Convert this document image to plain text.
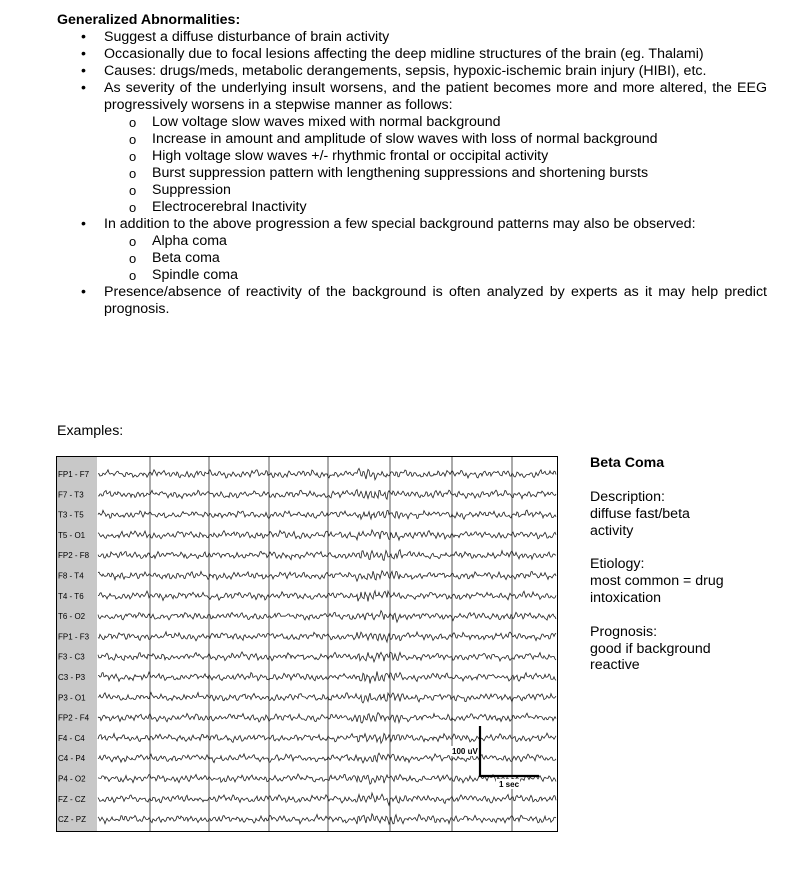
Generalized Abnormalities:
• Suggest a diffuse disturbance of brain activity
• Occasionally due to focal lesions affecting the deep midline structures of the brain (eg. Thalami)
• Causes: drugs/meds, metabolic derangements, sepsis, hypoxic-ischemic brain injury (HIBI), etc.
• As severity of the underlying insult worsens, and the patient becomes more and more altered, the EEG progressively worsens in a stepwise manner as follows:
o Low voltage slow waves mixed with normal background
o Increase in amount and amplitude of slow waves with loss of normal background
o High voltage slow waves +/- rhythmic frontal or occipital activity
o Burst suppression pattern with lengthening suppressions and shortening bursts
o Suppression
o Electrocerebral Inactivity
• In addition to the above progression a few special background patterns may also be observed:
o Alpha coma
o Beta coma
o Spindle coma
• Presence/absence of reactivity of the background is often analyzed by experts as it may help predict prognosis.
Examples:
FP1 - F7
F7 - T3
T3 - T5
T5 - O1
FP2 - F8
F8 - T4
T4 - T6
T6 - O2
FP1 - F3
F3 - C3
C3 - P3
P3 - O1
FP2 - F4
F4 - C4
C4 - P4
P4 - O2
FZ - CZ
CZ - PZ
100 uV
1 sec
Beta Coma
Description:
diffuse fast/beta
activity
Etiology:
most common = drug
intoxication
Prognosis:
good if background
reactive
